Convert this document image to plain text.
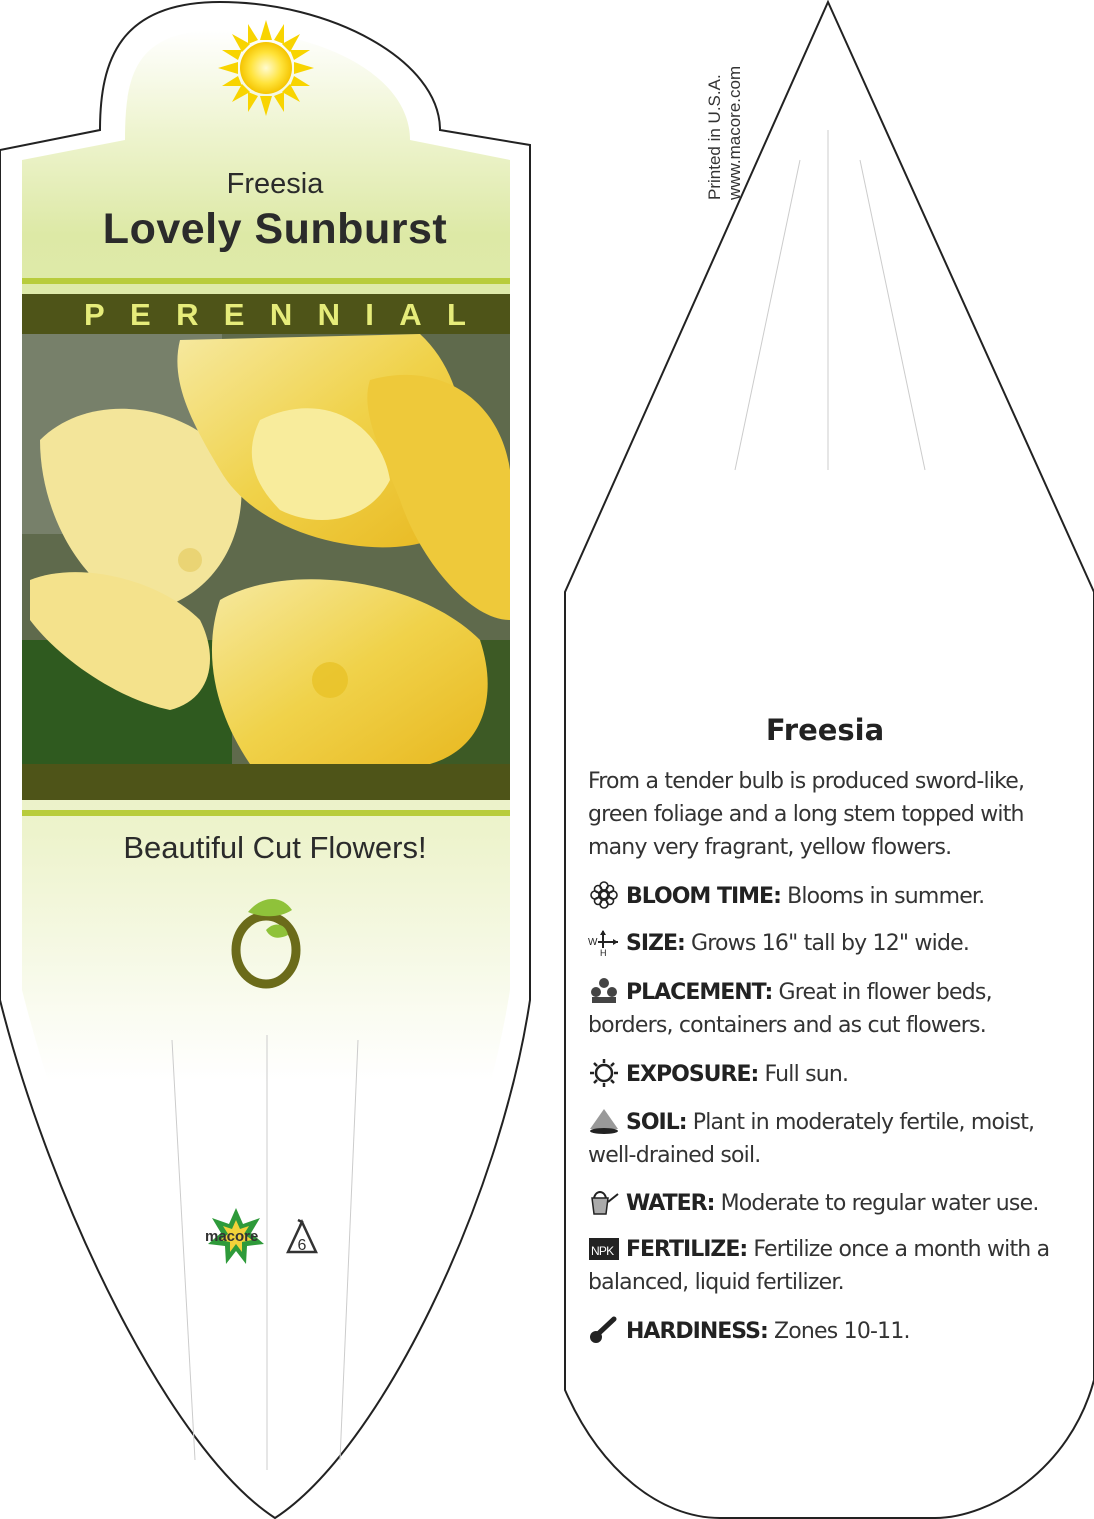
6
Freesia
Lovely Sunburst
P E R E N N I A L
Beautiful Cut Flowers!
macore
Printed in U.S.A. www.macore.com
Freesia
From a tender bulb is produced sword-like, green foliage and a long stem topped with many very fragrant, yellow flowers.
BLOOM TIME: Blooms in summer.
W
H SIZE: Grows 16" tall by 12" wide.
PLACEMENT: Great in flower beds, borders, containers and as cut flowers.
EXPOSURE: Full sun.
SOIL: Plant in moderately fertile, moist, well-drained soil.
WATER: Moderate to regular water use.
NPK FERTILIZE: Fertilize once a month with a balanced, liquid fertilizer.
HARDINESS: Zones 10-11.
